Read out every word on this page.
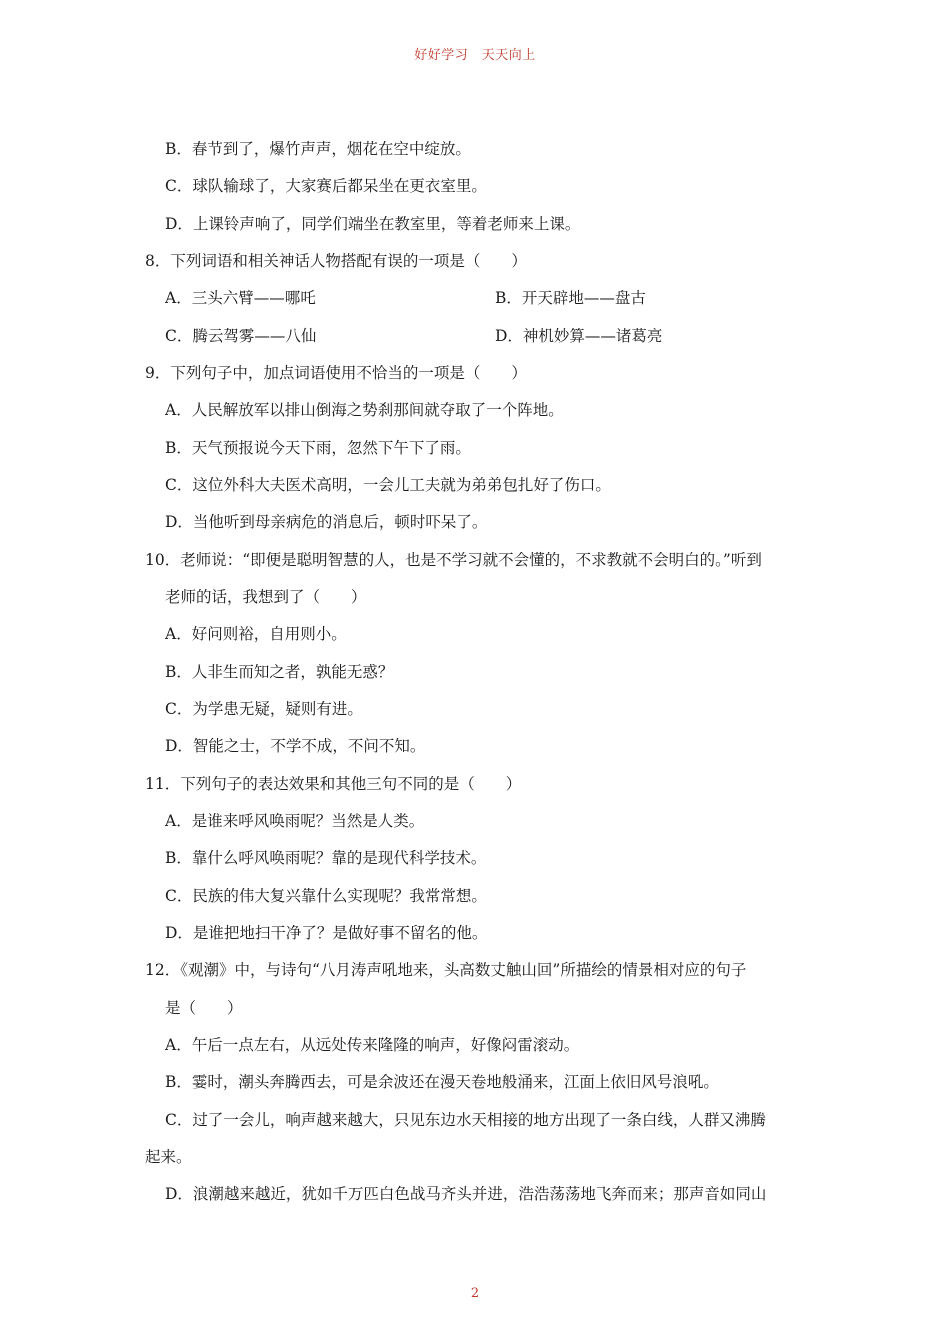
好好学习　天天向上
B．春节到了，爆竹声声，烟花在空中绽放。
C．球队输球了，大家赛后都呆坐在更衣室里。
D．上课铃声响了，同学们端坐在教室里，等着老师来上课。
8．下列词语和相关神话人物搭配有误的一项是（　　）
A．三头六臂——哪吒	B．开天辟地——盘古
C．腾云驾雾——八仙	D．神机妙算——诸葛亮
9．下列句子中，加点词语使用不恰当的一项是（　　）
A．人民解放军以排山倒海之势刹那间就夺取了一个阵地。
B．天气预报说今天下雨，忽然下午下了雨。
C．这位外科大夫医术高明，一会儿工夫就为弟弟包扎好了伤口。
D．当他听到母亲病危的消息后，顿时吓呆了。
10．老师说：“即便是聪明智慧的人，也是不学习就不会懂的，不求教就不会明白的。”听到
老师的话，我想到了（　　）
A．好问则裕，自用则小。
B．人非生而知之者，孰能无惑？
C．为学患无疑，疑则有进。
D．智能之士，不学不成，不问不知。
11．下列句子的表达效果和其他三句不同的是（　　）
A．是谁来呼风唤雨呢？当然是人类。
B．靠什么呼风唤雨呢？靠的是现代科学技术。
C．民族的伟大复兴靠什么实现呢？我常常想。
D．是谁把地扫干净了？是做好事不留名的他。
12．《观潮》中，与诗句“八月涛声吼地来，头高数丈触山回”所描绘的情景相对应的句子
是（　　）
A．午后一点左右，从远处传来隆隆的响声，好像闷雷滚动。
B．霎时，潮头奔腾西去，可是余波还在漫天卷地般涌来，江面上依旧风号浪吼。
C．过了一会儿，响声越来越大，只见东边水天相接的地方出现了一条白线，人群又沸腾
起来。
D．浪潮越来越近，犹如千万匹白色战马齐头并进，浩浩荡荡地飞奔而来；那声音如同山
2
